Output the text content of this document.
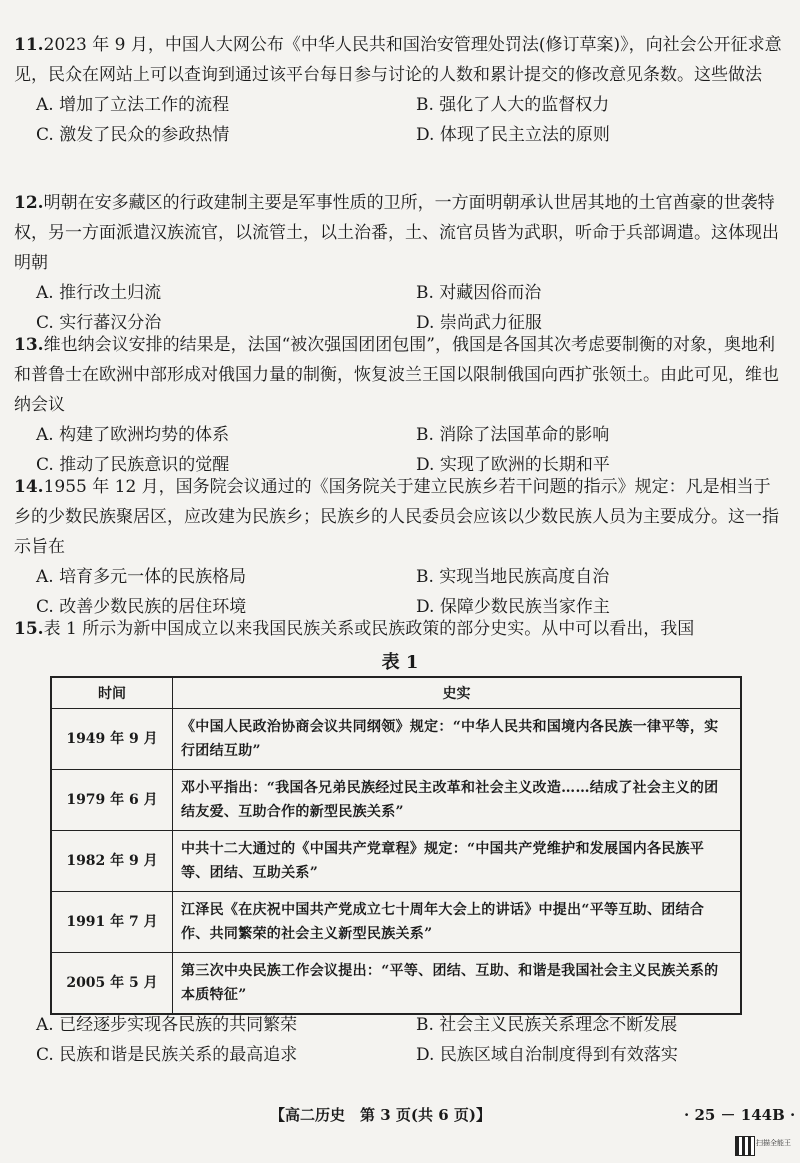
11.2023 年 9 月，中国人大网公布《中华人民共和国治安管理处罚法(修订草案)》，向社会公开征求意见，民众在网站上可以查询到通过该平台每日参与讨论的人数和累计提交的修改意见条数。这些做法
A. 增加了立法工作的流程	B. 强化了人大的监督权力
C. 激发了民众的参政热情	D. 体现了民主立法的原则
12.明朝在安多藏区的行政建制主要是军事性质的卫所，一方面明朝承认世居其地的土官酋豪的世袭特权，另一方面派遣汉族流官，以流管土，以土治番，土、流官员皆为武职，听命于兵部调遣。这体现出明朝
A. 推行改土归流	B. 对藏因俗而治
C. 实行蕃汉分治	D. 崇尚武力征服
13.维也纳会议安排的结果是，法国“被次强国团团包围”，俄国是各国其次考虑要制衡的对象，奥地利和普鲁士在欧洲中部形成对俄国力量的制衡，恢复波兰王国以限制俄国向西扩张领土。由此可见，维也纳会议
A. 构建了欧洲均势的体系	B. 消除了法国革命的影响
C. 推动了民族意识的觉醒	D. 实现了欧洲的长期和平
14.1955 年 12 月，国务院会议通过的《国务院关于建立民族乡若干问题的指示》规定：凡是相当于乡的少数民族聚居区，应改建为民族乡；民族乡的人民委员会应该以少数民族人员为主要成分。这一指示旨在
A. 培育多元一体的民族格局	B. 实现当地民族高度自治
C. 改善少数民族的居住环境	D. 保障少数民族当家作主
15.表 1 所示为新中国成立以来我国民族关系或民族政策的部分史实。从中可以看出，我国
表 1
时间	史实
1949 年 9 月	《中国人民政治协商会议共同纲领》规定：“中华人民共和国境内各民族一律平等，实行团结互助”
1979 年 6 月	邓小平指出：“我国各兄弟民族经过民主改革和社会主义改造……结成了社会主义的团结友爱、互助合作的新型民族关系”
1982 年 9 月	中共十二大通过的《中国共产党章程》规定：“中国共产党维护和发展国内各民族平等、团结、互助关系”
1991 年 7 月	江泽民《在庆祝中国共产党成立七十周年大会上的讲话》中提出“平等互助、团结合作、共同繁荣的社会主义新型民族关系”
2005 年 5 月	第三次中央民族工作会议提出：“平等、团结、互助、和谐是我国社会主义民族关系的本质特征”
A. 已经逐步实现各民族的共同繁荣	B. 社会主义民族关系理念不断发展
C. 民族和谐是民族关系的最高追求	D. 民族区域自治制度得到有效落实
【高二历史　第 3 页(共 6 页)】	· 25 － 144B ·
扫描全能王
